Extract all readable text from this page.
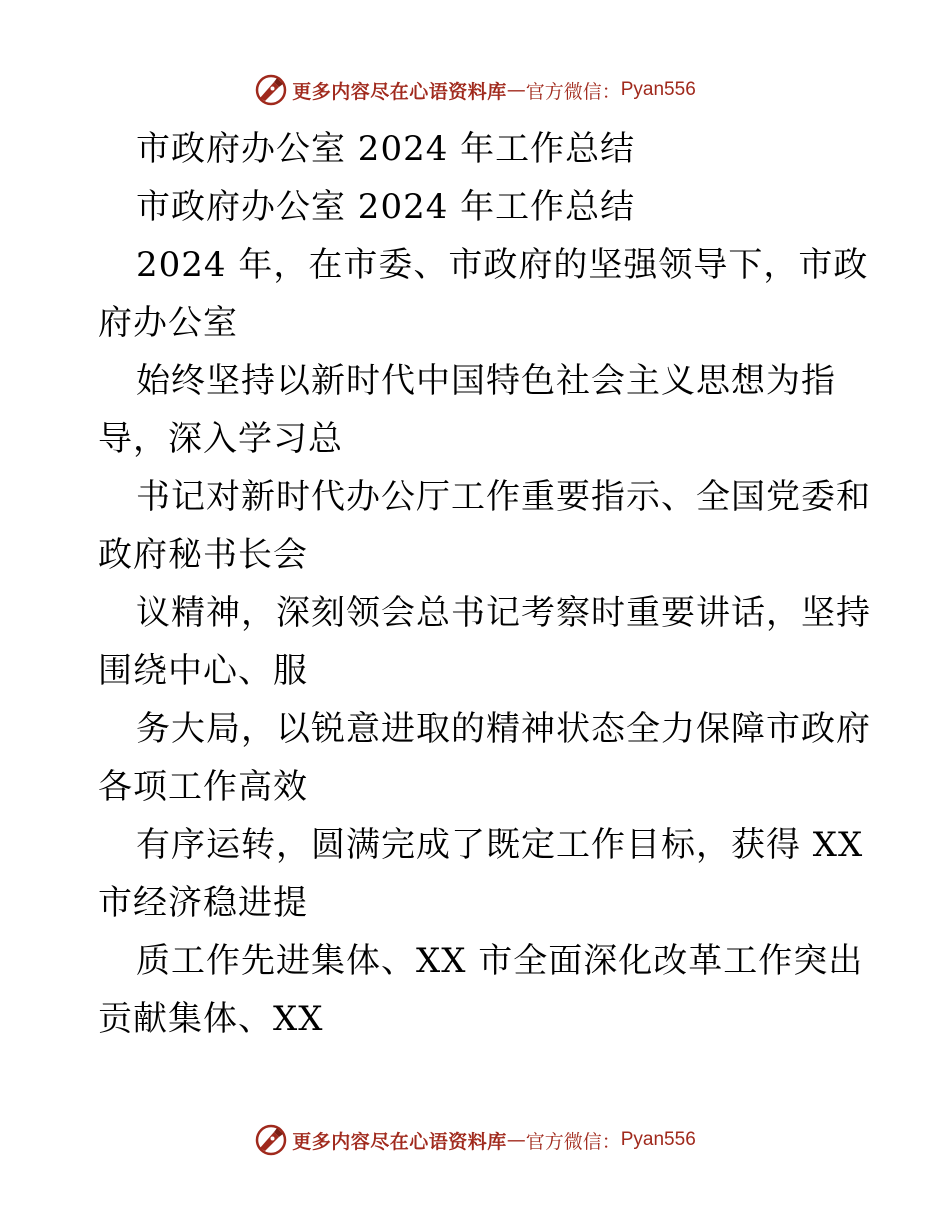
更多内容尽在心语资料库 — 官方微信： Pyan556
市政府办公室 2024 年工作总结
市政府办公室 2024 年工作总结
2024 年，在市委、市政府的坚强领导下，市政
府办公室
始终坚持以新时代中国特色社会主义思想为指
导，深入学习总
书记对新时代办公厅工作重要指示、全国党委和
政府秘书长会
议精神，深刻领会总书记考察时重要讲话，坚持
围绕中心、服
务大局，以锐意进取的精神状态全力保障市政府
各项工作高效
有序运转，圆满完成了既定工作目标，获得 XX
市经济稳进提
质工作先进集体、XX 市全面深化改革工作突出
贡献集体、XX
更多内容尽在心语资料库 — 官方微信： Pyan556
